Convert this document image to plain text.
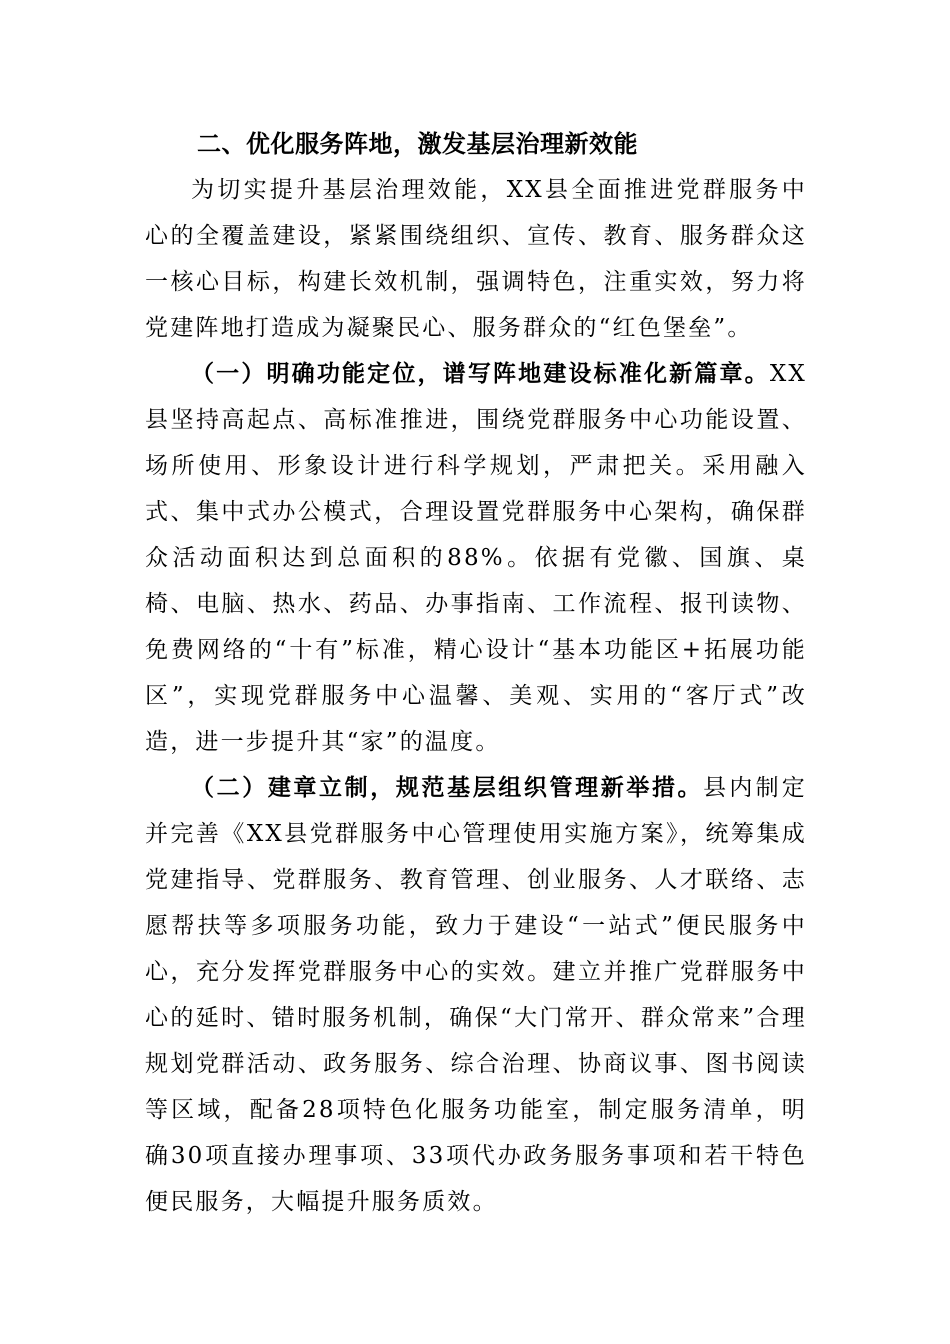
二、优化服务阵地，激发基层治理新效能

为切实提升基层治理效能，XX县全面推进党群服务中心的全覆盖建设，紧紧围绕组织、宣传、教育、服务群众这一核心目标，构建长效机制，强调特色，注重实效，努力将党建阵地打造成为凝聚民心、服务群众的“红色堡垒”。

（一）明确功能定位，谱写阵地建设标准化新篇章。XX县坚持高起点、高标准推进，围绕党群服务中心功能设置、场所使用、形象设计进行科学规划，严肃把关。采用融入式、集中式办公模式，合理设置党群服务中心架构，确保群众活动面积达到总面积的88%。依据有党徽、国旗、桌椅、电脑、热水、药品、办事指南、工作流程、报刊读物、免费网络的“十有”标准，精心设计“基本功能区+拓展功能区”，实现党群服务中心温馨、美观、实用的“客厅式”改造，进一步提升其“家”的温度。

（二）建章立制，规范基层组织管理新举措。县内制定并完善《XX县党群服务中心管理使用实施方案》，统筹集成党建指导、党群服务、教育管理、创业服务、人才联络、志愿帮扶等多项服务功能，致力于建设“一站式”便民服务中心，充分发挥党群服务中心的实效。建立并推广党群服务中心的延时、错时服务机制，确保“大门常开、群众常来”合理规划党群活动、政务服务、综合治理、协商议事、图书阅读等区域，配备28项特色化服务功能室，制定服务清单，明确30项直接办理事项、33项代办政务服务事项和若干特色便民服务，大幅提升服务质效。
